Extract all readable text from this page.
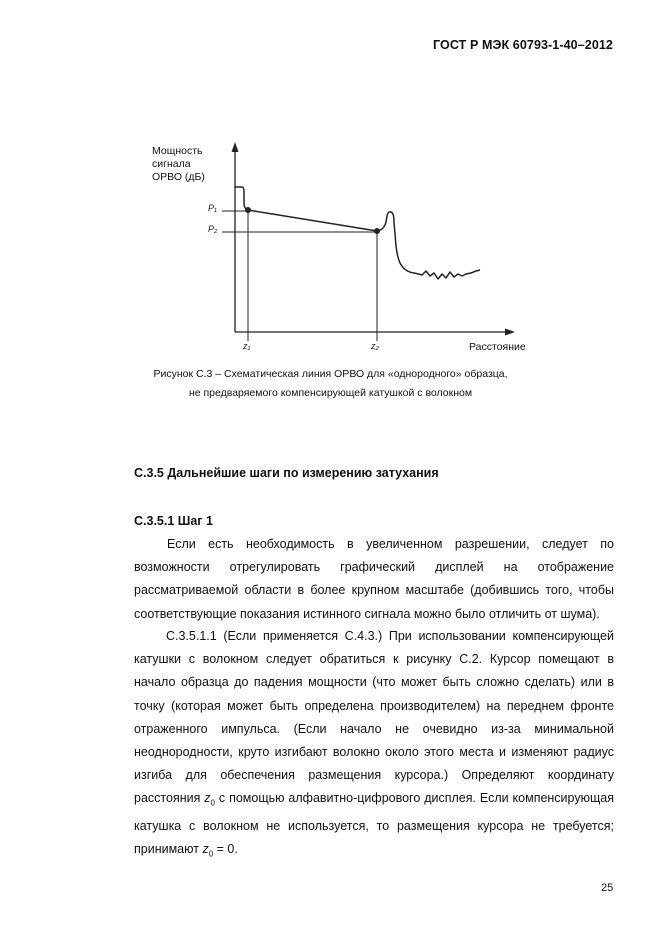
ГОСТ Р МЭК 60793-1-40–2012
Мощность
сигнала
ОРВО (дБ)
P₁
P₂
z₁	z₂	Расстояние
Рисунок С.3 – Схематическая линия ОРВО для «однородного» образца,
не предваряемого компенсирующей катушкой с волокном
С.3.5 Дальнейшие шаги по измерению затухания
С.3.5.1 Шаг 1
Если есть необходимость в увеличенном разрешении, следует по возможности отрегулировать графический дисплей на отображение рассматриваемой области в более крупном масштабе (добившись того, чтобы соответствующие показания истинного сигнала можно было отличить от шума).
С.3.5.1.1 (Если применяется С.4.3.) При использовании компенсирующей катушки с волокном следует обратиться к рисунку С.2. Курсор помещают в начало образца до падения мощности (что может быть сложно сделать) или в точку (которая может быть определена производителем) на переднем фронте отраженного импульса. (Если начало не очевидно из-за минимальной неоднородности, круто изгибают волокно около этого места и изменяют радиус изгиба для обеспечения размещения курсора.) Определяют координату расстояния $z_0$ с помощью алфавитно-цифрового дисплея. Если компенсирующая катушка с волокном не используется, то размещения курсора не требуется; принимают $z_0 = 0$.
25
